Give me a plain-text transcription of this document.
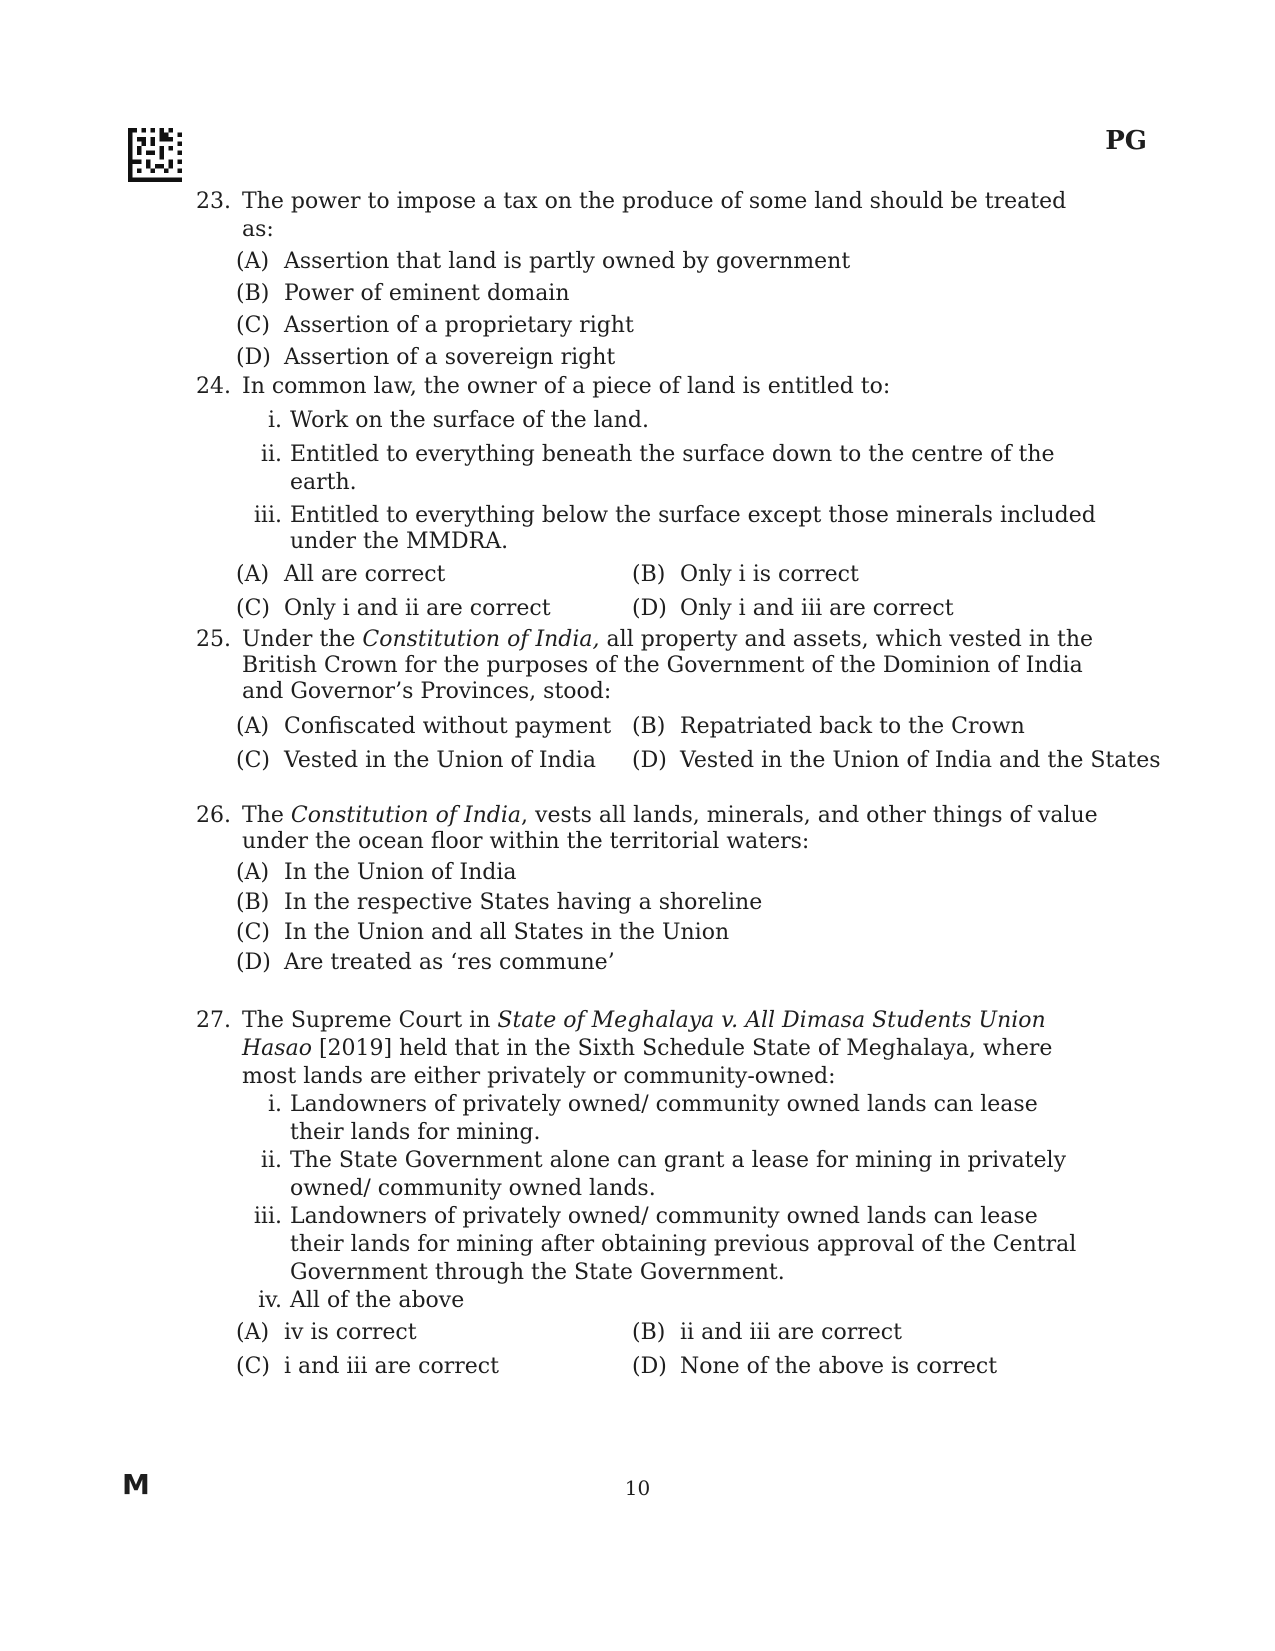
PG
23. The power to impose a tax on the produce of some land should be treated as:
(A) Assertion that land is partly owned by government
(B) Power of eminent domain
(C) Assertion of a proprietary right
(D) Assertion of a sovereign right
24. In common law, the owner of a piece of land is entitled to:
i. Work on the surface of the land.
ii. Entitled to everything beneath the surface down to the centre of the earth.
iii. Entitled to everything below the surface except those minerals included under the MMDRA.
(A) All are correct	(B) Only i is correct
(C) Only i and ii are correct	(D) Only i and iii are correct
25. Under the Constitution of India, all property and assets, which vested in the British Crown for the purposes of the Government of the Dominion of India and Governor’s Provinces, stood:
(A) Confiscated without payment (B) Repatriated back to the Crown
(C) Vested in the Union of India	(D) Vested in the Union of India and the States
26. The Constitution of India, vests all lands, minerals, and other things of value under the ocean floor within the territorial waters:
(A) In the Union of India
(B) In the respective States having a shoreline
(C) In the Union and all States in the Union
(D) Are treated as ‘res commune’
27. The Supreme Court in State of Meghalaya v. All Dimasa Students Union Hasao [2019] held that in the Sixth Schedule State of Meghalaya, where most lands are either privately or community-owned:
i. Landowners of privately owned/ community owned lands can lease their lands for mining.
ii. The State Government alone can grant a lease for mining in privately owned/ community owned lands.
iii. Landowners of privately owned/ community owned lands can lease their lands for mining after obtaining previous approval of the Central Government through the State Government.
iv. All of the above
(A) iv is correct	(B) ii and iii are correct
(C) i and iii are correct	(D) None of the above is correct
M	10
